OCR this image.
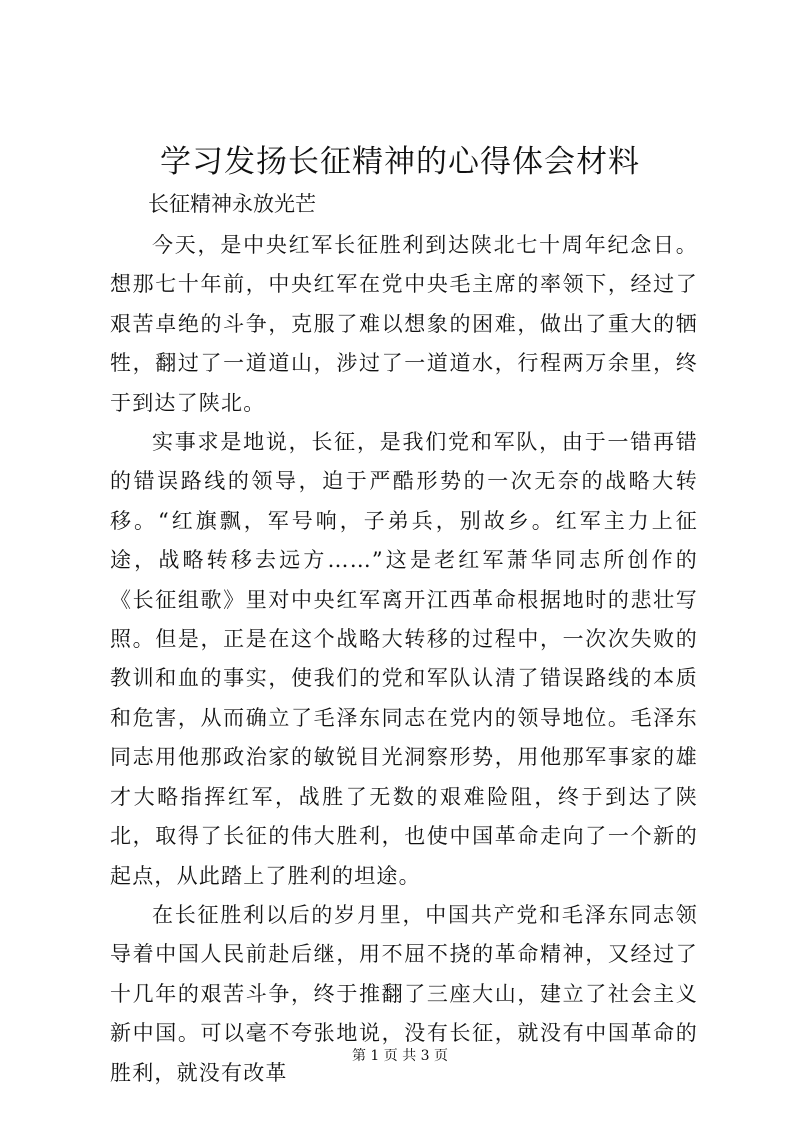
学习发扬长征精神的心得体会材料

长征精神永放光芒

今天，是中央红军长征胜利到达陕北七十周年纪念日。想那七十年前，中央红军在党中央毛主席的率领下，经过了艰苦卓绝的斗争，克服了难以想象的困难，做出了重大的牺牲，翻过了一道道山，涉过了一道道水，行程两万余里，终于到达了陕北。

实事求是地说，长征，是我们党和军队，由于一错再错的错误路线的领导，迫于严酷形势的一次无奈的战略大转移。“红旗飘，军号响，子弟兵，别故乡。红军主力上征途，战略转移去远方……”这是老红军萧华同志所创作的《长征组歌》里对中央红军离开江西革命根据地时的悲壮写照。但是，正是在这个战略大转移的过程中，一次次失败的教训和血的事实，使我们的党和军队认清了错误路线的本质和危害，从而确立了毛泽东同志在党内的领导地位。毛泽东同志用他那政治家的敏锐目光洞察形势，用他那军事家的雄才大略指挥红军，战胜了无数的艰难险阻，终于到达了陕北，取得了长征的伟大胜利，也使中国革命走向了一个新的起点，从此踏上了胜利的坦途。

在长征胜利以后的岁月里，中国共产党和毛泽东同志领导着中国人民前赴后继，用不屈不挠的革命精神，又经过了十几年的艰苦斗争，终于推翻了三座大山，建立了社会主义新中国。可以毫不夸张地说，没有长征，就没有中国革命的胜利，就没有改革

第 1 页 共 3 页
